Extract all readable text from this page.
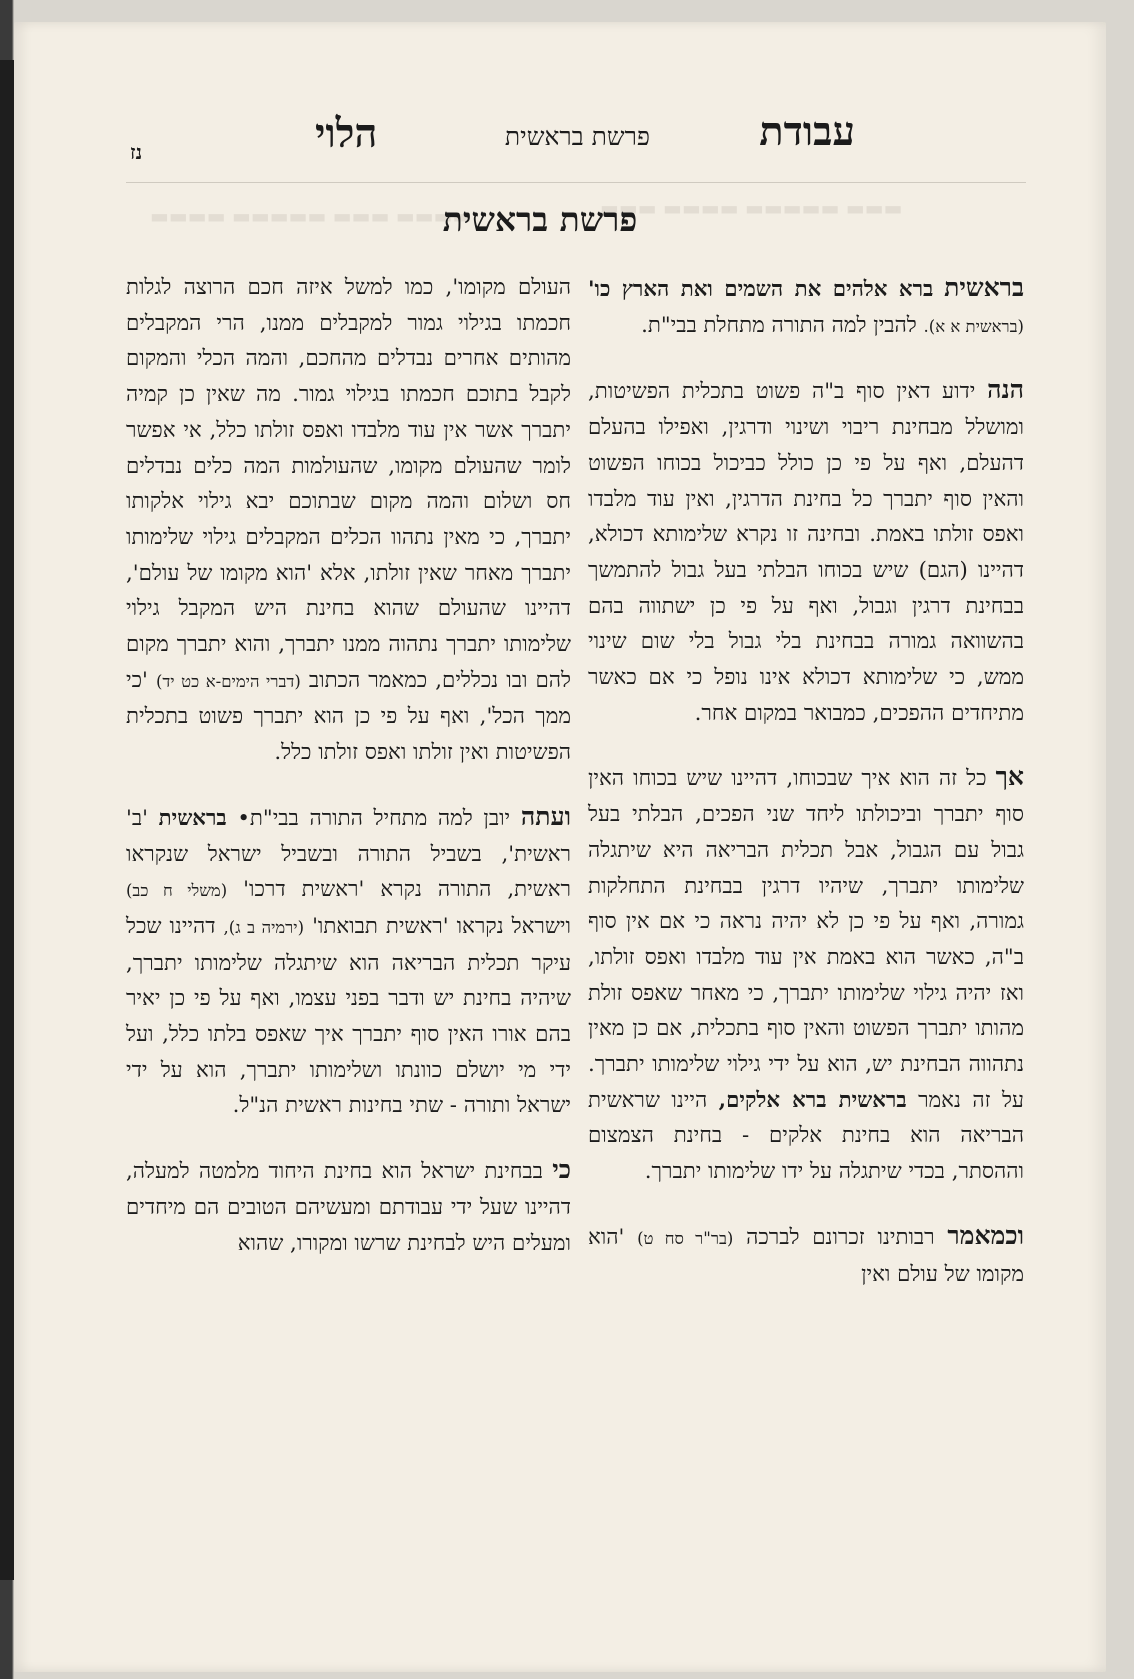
▬▬▬▬ ▬▬▬ ▬▬▬▬▬ ▬▬▬▬	▬▬▬ ▬▬▬▬▬ ▬▬▬▬ ▬▬▬
עבודת
פרשת בראשית
הלוי
נז
פרשת בראשית

בראשית ברא אלהים את השמים ואת הארץ כו' (בראשית א א). להבין למה התורה מתחלת בבי"ת.

הנה ידוע דאין סוף ב"ה פשוט בתכלית הפשיטות, ומושלל מבחינת ריבוי ושינוי ודרגין, ואפילו בהעלם דהעלם, ואף על פי כן כולל כביכול בכוחו הפשוט והאין סוף יתברך כל בחינת הדרגין, ואין עוד מלבדו ואפס זולתו באמת. ובחינה זו נקרא שלימותא דכולא, דהיינו (הגם) שיש בכוחו הבלתי בעל גבול להתמשך בבחינת דרגין וגבול, ואף על פי כן ישתווה בהם בהשוואה גמורה בבחינת בלי גבול בלי שום שינוי ממש, כי שלימותא דכולא אינו נופל כי אם כאשר מתיחדים ההפכים, כמבואר במקום אחר.

אך כל זה הוא איך שבכוחו, דהיינו שיש בכוחו האין סוף יתברך וביכולתו ליחד שני הפכים, הבלתי בעל גבול עם הגבול, אבל תכלית הבריאה היא שיתגלה שלימותו יתברך, שיהיו דרגין בבחינת התחלקות גמורה, ואף על פי כן לא יהיה נראה כי אם אין סוף ב"ה, כאשר הוא באמת אין עוד מלבדו ואפס זולתו, ואז יהיה גילוי שלימותו יתברך, כי מאחר שאפס זולת מהותו יתברך הפשוט והאין סוף בתכלית, אם כן מאין נתהווה הבחינת יש, הוא על ידי גילוי שלימותו יתברך. על זה נאמר בראשית ברא אלקים, היינו שראשית הבריאה הוא בחינת אלקים - בחינת הצמצום וההסתר, בכדי שיתגלה על ידו שלימותו יתברך.

וכמאמר רבותינו זכרונם לברכה (בר"ר סח ט) 'הוא מקומו של עולם ואין

העולם מקומו', כמו למשל איזה חכם הרוצה לגלות חכמתו בגילוי גמור למקבלים ממנו, הרי המקבלים מהותים אחרים נבדלים מהחכם, והמה הכלי והמקום לקבל בתוכם חכמתו בגילוי גמור. מה שאין כן קמיה יתברך אשר אין עוד מלבדו ואפס זולתו כלל, אי אפשר לומר שהעולם מקומו, שהעולמות המה כלים נבדלים חס ושלום והמה מקום שבתוכם יבא גילוי אלקותו יתברך, כי מאין נתהוו הכלים המקבלים גילוי שלימותו יתברך מאחר שאין זולתו, אלא 'הוא מקומו של עולם', דהיינו שהעולם שהוא בחינת היש המקבל גילוי שלימותו יתברך נתהוה ממנו יתברך, והוא יתברך מקום להם ובו נכללים, כמאמר הכתוב (דברי הימים-א כט יד) 'כי ממך הכל', ואף על פי כן הוא יתברך פשוט בתכלית הפשיטות ואין זולתו ואפס זולתו כלל.

ועתה יובן למה מתחיל התורה בבי"ת• בראשית 'ב' ראשית', בשביל התורה ובשביל ישראל שנקראו ראשית, התורה נקרא 'ראשית דרכו' (משלי ח כב) וישראל נקראו 'ראשית תבואתו' (ירמיה ב ג), דהיינו שכל עיקר תכלית הבריאה הוא שיתגלה שלימותו יתברך, שיהיה בחינת יש ודבר בפני עצמו, ואף על פי כן יאיר בהם אורו האין סוף יתברך איך שאפס בלתו כלל, ועל ידי מי יושלם כוונתו ושלימותו יתברך, הוא על ידי ישראל ותורה - שתי בחינות ראשית הנ"ל.

כי בבחינת ישראל הוא בחינת היחוד מלמטה למעלה, דהיינו שעל ידי עבודתם ומעשיהם הטובים הם מיחדים ומעלים היש לבחינת שרשו ומקורו, שהוא
